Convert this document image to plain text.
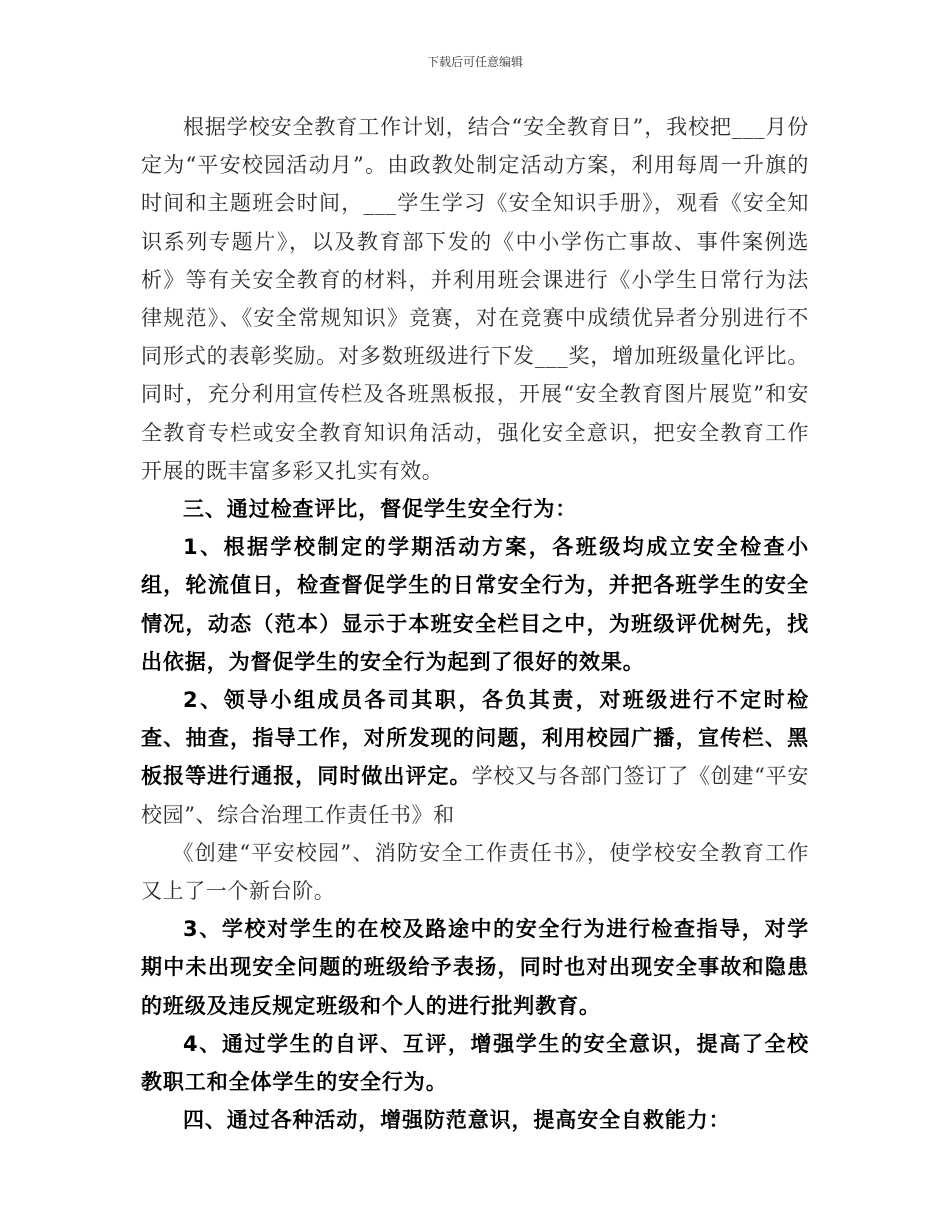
下载后可任意编辑

根据学校安全教育工作计划，结合“安全教育日”，我校把___月份定为“平安校园活动月”。由政教处制定活动方案，利用每周一升旗的时间和主题班会时间，___学生学习《安全知识手册》，观看《安全知识系列专题片》，以及教育部下发的《中小学伤亡事故、事件案例选析》等有关安全教育的材料，并利用班会课进行《小学生日常行为法律规范》、《安全常规知识》竞赛，对在竞赛中成绩优异者分别进行不同形式的表彰奖励。对多数班级进行下发___奖，增加班级量化评比。同时，充分利用宣传栏及各班黑板报，开展“安全教育图片展览”和安全教育专栏或安全教育知识角活动，强化安全意识，把安全教育工作开展的既丰富多彩又扎实有效。

三、通过检查评比，督促学生安全行为：

1、根据学校制定的学期活动方案，各班级均成立安全检查小组，轮流值日，检查督促学生的日常安全行为，并把各班学生的安全情况，动态（范本）显示于本班安全栏目之中，为班级评优树先，找出依据，为督促学生的安全行为起到了很好的效果。

2、领导小组成员各司其职，各负其责，对班级进行不定时检查、抽查，指导工作，对所发现的问题，利用校园广播，宣传栏、黑板报等进行通报，同时做出评定。学校又与各部门签订了《创建“平安校园”、综合治理工作责任书》和

《创建“平安校园”、消防安全工作责任书》，使学校安全教育工作又上了一个新台阶。

3、学校对学生的在校及路途中的安全行为进行检查指导，对学期中未出现安全问题的班级给予表扬，同时也对出现安全事故和隐患的班级及违反规定班级和个人的进行批判教育。

4、通过学生的自评、互评，增强学生的安全意识，提高了全校教职工和全体学生的安全行为。

四、通过各种活动，增强防范意识，提高安全自救能力：
